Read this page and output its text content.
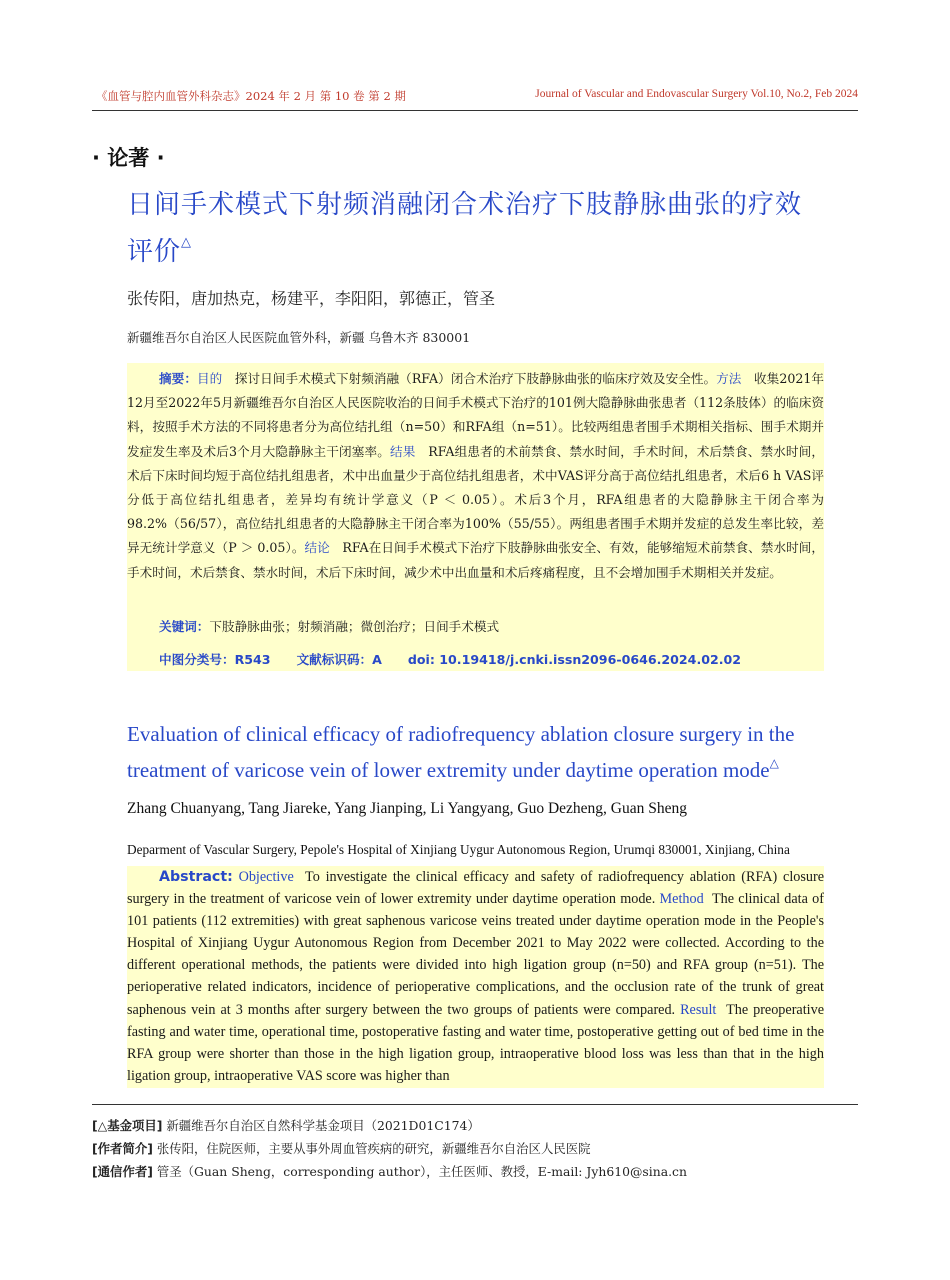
《血管与腔内血管外科杂志》2024 年 2 月 第 10 卷 第 2 期	Journal of Vascular and Endovascular Surgery Vol.10, No.2, Feb 2024
· 论著 ·
日间手术模式下射频消融闭合术治疗下肢静脉曲张的疗效评价△
张传阳，唐加热克，杨建平，李阳阳，郭德正，管圣
新疆维吾尔自治区人民医院血管外科，新疆 乌鲁木齐 830001

摘要：目的　 探讨日间手术模式下射频消融（RFA）闭合术治疗下肢静脉曲张的临床疗效及安全性。方法　 收集2021年12月至2022年5月新疆维吾尔自治区人民医院收治的日间手术模式下治疗的101例大隐静脉曲张患者（112条肢体）的临床资料，按照手术方法的不同将患者分为高位结扎组（n=50）和RFA组（n=51）。比较两组患者围手术期相关指标、围手术期并发症发生率及术后3个月大隐静脉主干闭塞率。结果　 RFA组患者的术前禁食、禁水时间，手术时间，术后禁食、禁水时间，术后下床时间均短于高位结扎组患者，术中出血量少于高位结扎组患者，术中VAS评分高于高位结扎组患者，术后6 h VAS评分低于高位结扎组患者，差异均有统计学意义（P ＜ 0.05）。术后3个月，RFA组患者的大隐静脉主干闭合率为98.2%（56/57），高位结扎组患者的大隐静脉主干闭合率为100%（55/55）。两组患者围手术期并发症的总发生率比较，差异无统计学意义（P ＞ 0.05）。结论　 RFA在日间手术模式下治疗下肢静脉曲张安全、有效，能够缩短术前禁食、禁水时间，手术时间，术后禁食、禁水时间，术后下床时间，减少术中出血量和术后疼痛程度，且不会增加围手术期相关并发症。

关键词：下肢静脉曲张；射频消融；微创治疗；日间手术模式
中图分类号：R543 文献标识码：A doi: 10.19418/j.cnki.issn2096-0646.2024.02.02
Evaluation of clinical efficacy of radiofrequency ablation closure surgery in the treatment of varicose vein of lower extremity under daytime operation mode△
Zhang Chuanyang, Tang Jiareke, Yang Jianping, Li Yangyang, Guo Dezheng, Guan Sheng
Deparment of Vascular Surgery, Pepole's Hospital of Xinjiang Uygur Autonomous Region, Urumqi 830001, Xinjiang, China

Abstract: Objective To investigate the clinical efficacy and safety of radiofrequency ablation (RFA) closure surgery in the treatment of varicose vein of lower extremity under daytime operation mode. Method The clinical data of 101 patients (112 extremities) with great saphenous varicose veins treated under daytime operation mode in the People's Hospital of Xinjiang Uygur Autonomous Region from December 2021 to May 2022 were collected. According to the different operational methods, the patients were divided into high ligation group (n=50) and RFA group (n=51). The perioperative related indicators, incidence of perioperative complications, and the occlusion rate of the trunk of great saphenous vein at 3 months after surgery between the two groups of patients were compared. Result The preoperative fasting and water time, operational time, postoperative fasting and water time, postoperative getting out of bed time in the RFA group were shorter than those in the high ligation group, intraoperative blood loss was less than that in the high ligation group, intraoperative VAS score was higher than

[△基金项目] 新疆维吾尔自治区自然科学基金项目（2021D01C174）
[作者简介] 张传阳，住院医师，主要从事外周血管疾病的研究，新疆维吾尔自治区人民医院
[通信作者] 管圣（Guan Sheng，corresponding author），主任医师、教授，E-mail: Jyh610@sina.cn
